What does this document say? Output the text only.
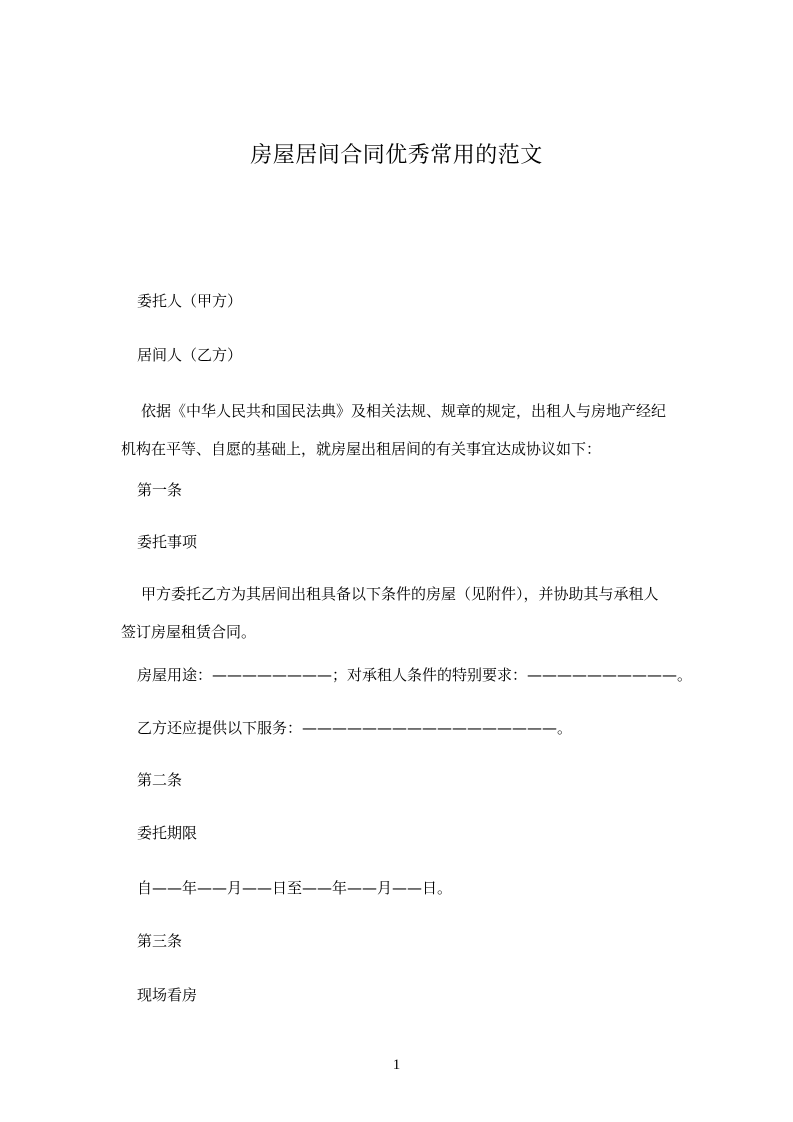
房屋居间合同优秀常用的范文
委托人（甲方）
居间人（乙方）
依据《中华人民共和国民法典》及相关法规、规章的规定，出租人与房地产经纪
机构在平等、自愿的基础上，就房屋出租居间的有关事宜达成协议如下：
第一条
委托事项
甲方委托乙方为其居间出租具备以下条件的房屋（见附件），并协助其与承租人
签订房屋租赁合同。
房屋用途：————————；对承租人条件的特别要求：——————————。
乙方还应提供以下服务：—————————————————。
第二条
委托期限
自——年——月——日至——年——月——日。
第三条
现场看房
1
